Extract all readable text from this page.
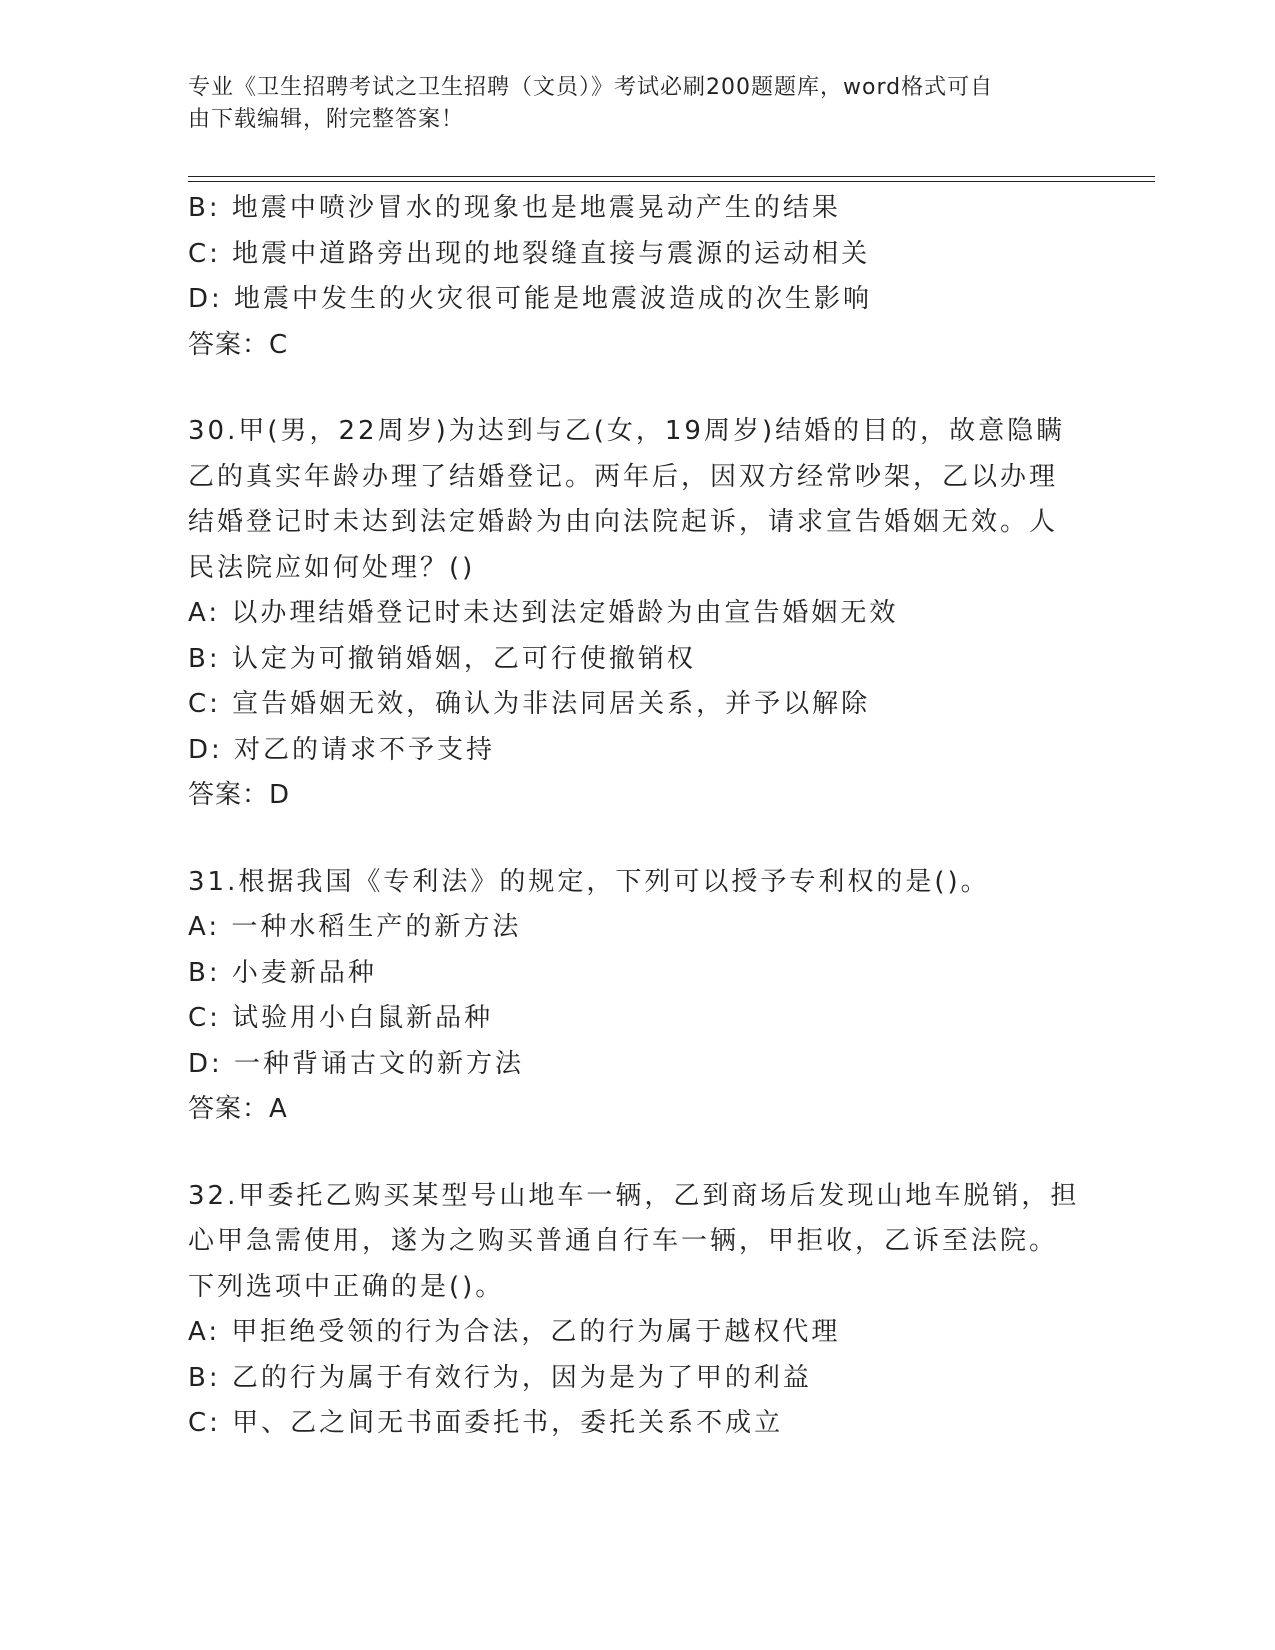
专业《卫生招聘考试之卫生招聘（文员）》考试必刷200题题库，word格式可自
由下载编辑，附完整答案！
B: 地震中喷沙冒水的现象也是地震晃动产生的结果
C: 地震中道路旁出现的地裂缝直接与震源的运动相关
D: 地震中发生的火灾很可能是地震波造成的次生影响
答案：C
30.甲(男，22周岁)为达到与乙(女，19周岁)结婚的目的，故意隐瞒
乙的真实年龄办理了结婚登记。两年后，因双方经常吵架，乙以办理
结婚登记时未达到法定婚龄为由向法院起诉，请求宣告婚姻无效。人
民法院应如何处理？()
A: 以办理结婚登记时未达到法定婚龄为由宣告婚姻无效
B: 认定为可撤销婚姻，乙可行使撤销权
C: 宣告婚姻无效，确认为非法同居关系，并予以解除
D: 对乙的请求不予支持
答案：D
31.根据我国《专利法》的规定，下列可以授予专利权的是()。
A: 一种水稻生产的新方法
B: 小麦新品种
C: 试验用小白鼠新品种
D: 一种背诵古文的新方法
答案：A
32.甲委托乙购买某型号山地车一辆，乙到商场后发现山地车脱销，担
心甲急需使用，遂为之购买普通自行车一辆，甲拒收，乙诉至法院。
下列选项中正确的是()。
A: 甲拒绝受领的行为合法，乙的行为属于越权代理
B: 乙的行为属于有效行为，因为是为了甲的利益
C: 甲、乙之间无书面委托书，委托关系不成立
